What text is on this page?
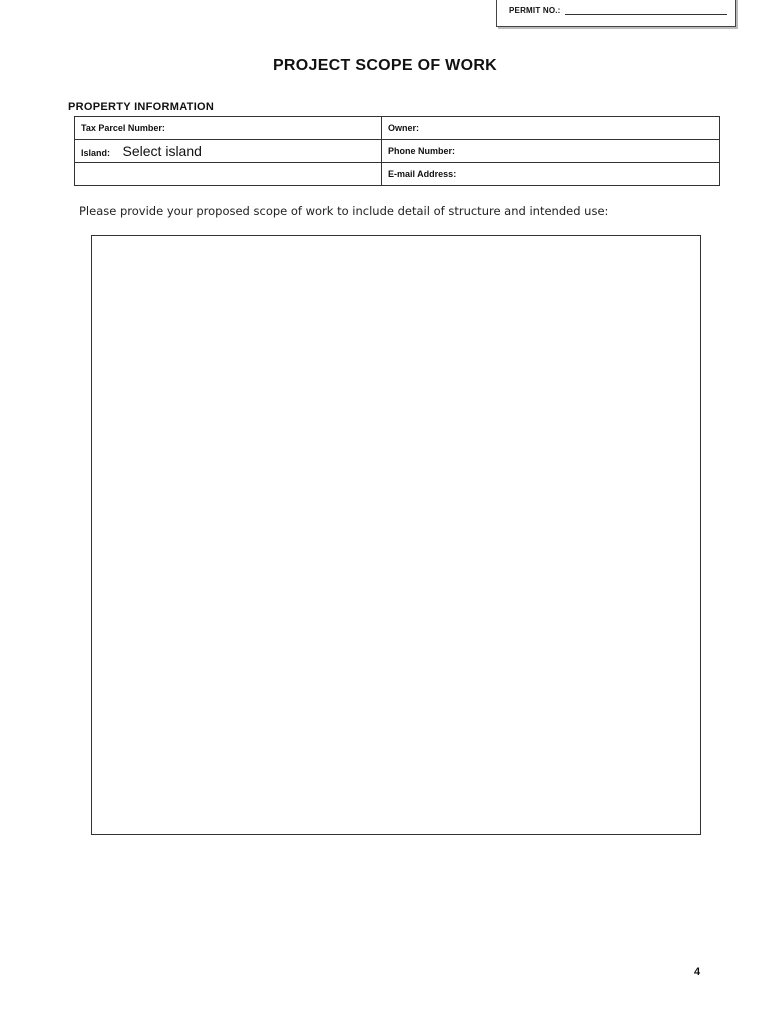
PERMIT NO.:
PROJECT SCOPE OF WORK
PROPERTY INFORMATION
Tax Parcel Number:	Owner:
Island: Select island	Phone Number:
	E-mail Address:
Please provide your proposed scope of work to include detail of structure and intended use:
4
